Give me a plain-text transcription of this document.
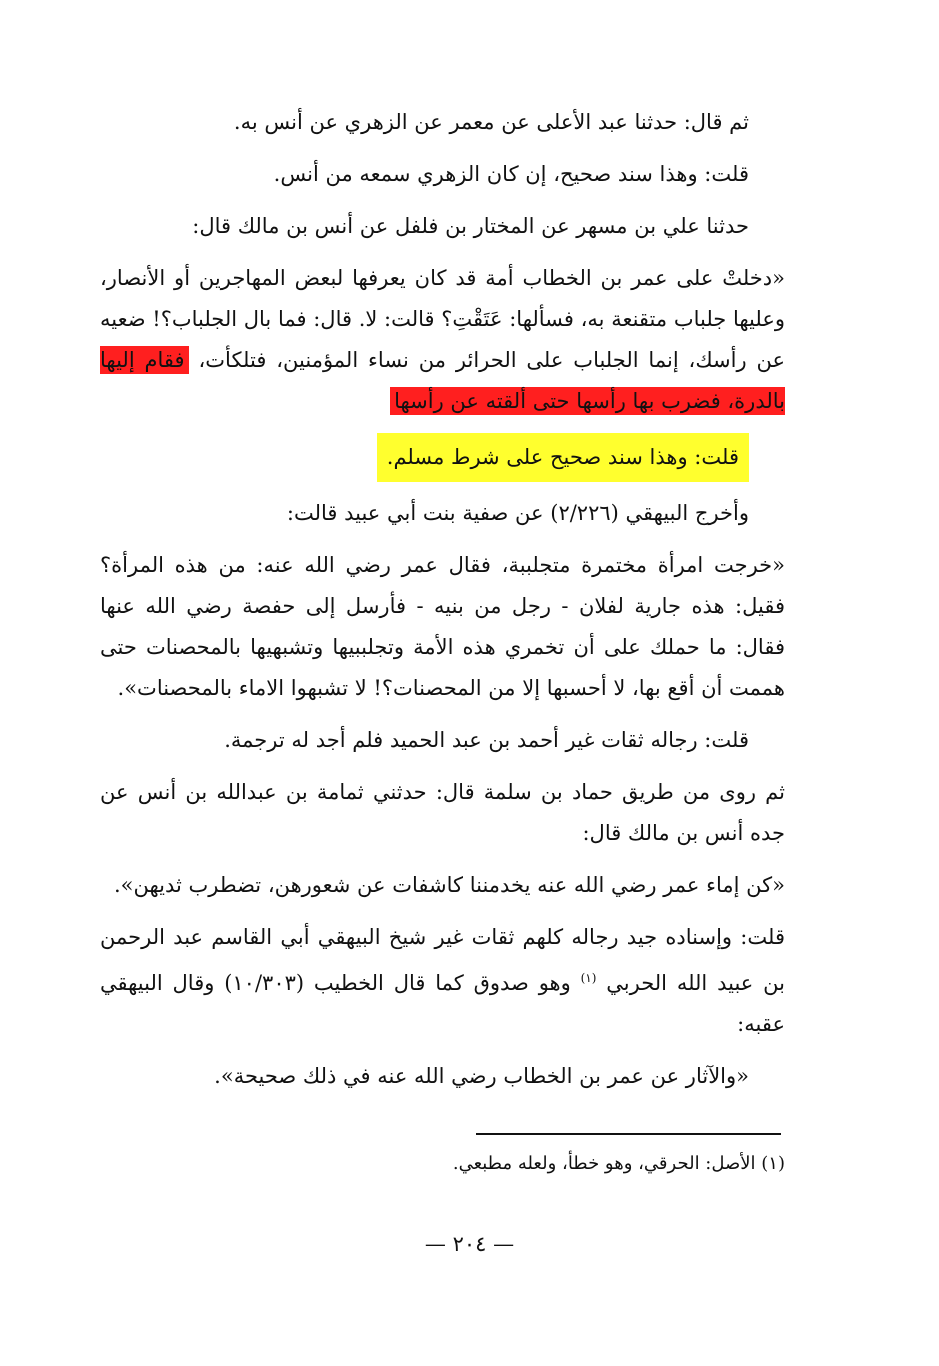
ثم قال: حدثنا عبد الأعلى عن معمر عن الزهري عن أنس به.

قلت: وهذا سند صحيح، إن كان الزهري سمعه من أنس.

حدثنا علي بن مسهر عن المختار بن فلفل عن أنس بن مالك قال:

«دخلتْ على عمر بن الخطاب أمة قد كان يعرفها لبعض المهاجرين أو الأنصار، وعليها جلباب متقنعة به، فسألها: عَتَقْتِ؟ قالت: لا. قال: فما بال الجلباب؟! ضعيه عن رأسك، إنما الجلباب على الحرائر من نساء المؤمنين، فتلكأت، فقام إليها بالدرة، فضرب بها رأسها حتى ألقته عن رأسها

قلت: وهذا سند صحيح على شرط مسلم.

وأخرج البيهقي (٢/٢٢٦) عن صفية بنت أبي عبيد قالت:

«خرجت امرأة مختمرة متجلببة، فقال عمر رضي الله عنه: من هذه المرأة؟ فقيل: هذه جارية لفلان - رجل من بنيه - فأرسل إلى حفصة رضي الله عنها فقال: ما حملك على أن تخمري هذه الأمة وتجلببيها وتشبهيها بالمحصنات حتى هممت أن أقع بها، لا أحسبها إلا من المحصنات؟! لا تشبهوا الاماء بالمحصنات».

قلت: رجاله ثقات غير أحمد بن عبد الحميد فلم أجد له ترجمة.

ثم روى من طريق حماد بن سلمة قال: حدثني ثمامة بن عبدالله بن أنس عن جده أنس بن مالك قال:

«كن إماء عمر رضي الله عنه يخدمننا كاشفات عن شعورهن، تضطرب ثديهن».

قلت: وإسناده جيد رجاله كلهم ثقات غير شيخ البيهقي أبي القاسم عبد الرحمن بن عبيد الله الحربي $^{(١)}$ وهو صدوق كما قال الخطيب (١٠/٣٠٣) وقال البيهقي عقبه:

«والآثار عن عمر بن الخطاب رضي الله عنه في ذلك صحيحة».

(١) الأصل: الحرقي، وهو خطأ، ولعله مطبعي.
— ٢٠٤ —
